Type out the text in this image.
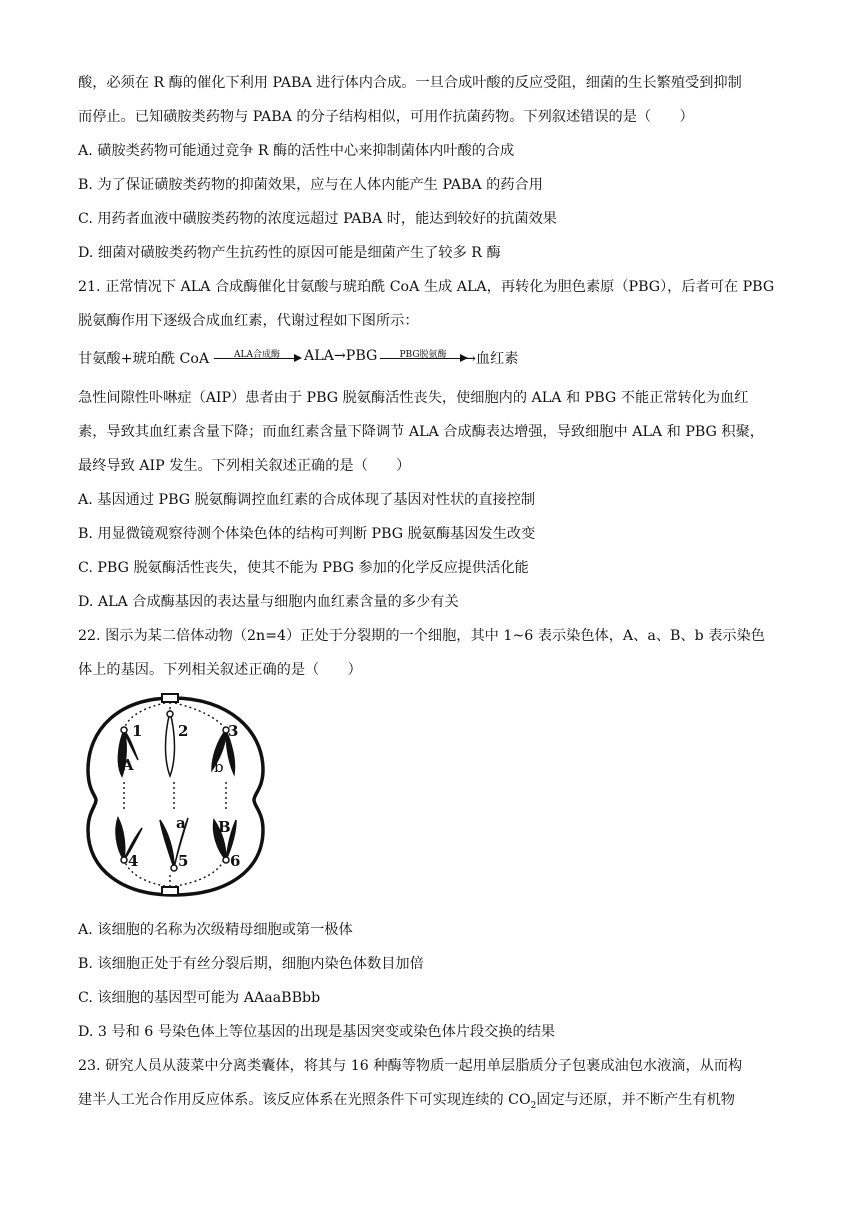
酸，必须在 R 酶的催化下利用 PABA 进行体内合成。一旦合成叶酸的反应受阻，细菌的生长繁殖受到抑制
而停止。已知磺胺类药物与 PABA 的分子结构相似，可用作抗菌药物。下列叙述错误的是（　　）
A. 磺胺类药物可能通过竞争 R 酶的活性中心来抑制菌体内叶酸的合成
B. 为了保证磺胺类药物的抑菌效果，应与在人体内能产生 PABA 的药合用
C. 用药者血液中磺胺类药物的浓度远超过 PABA 时，能达到较好的抗菌效果
D. 细菌对磺胺类药物产生抗药性的原因可能是细菌产生了较多 R 酶
21. 正常情况下 ALA 合成酶催化甘氨酸与琥珀酰 CoA 生成 ALA，再转化为胆色素原（PBG），后者可在 PBG
脱氨酶作用下逐级合成血红素，代谢过程如下图所示：
甘氨酸+琥珀酰 CoA	ALA合成酶	ALA→PBG	PBG脱氨酶	→血红素
急性间隙性卟啉症（AIP）患者由于 PBG 脱氨酶活性丧失，使细胞内的 ALA 和 PBG 不能正常转化为血红
素，导致其血红素含量下降；而血红素含量下降调节 ALA 合成酶表达增强，导致细胞中 ALA 和 PBG 积聚，
最终导致 AIP 发生。下列相关叙述正确的是（　　）
A. 基因通过 PBG 脱氨酶调控血红素的合成体现了基因对性状的直接控制
B. 用显微镜观察待测个体染色体的结构可判断 PBG 脱氨酶基因发生改变
C. PBG 脱氨酶活性丧失，使其不能为 PBG 参加的化学反应提供活化能
D. ALA 合成酶基因的表达量与细胞内血红素含量的多少有关
22. 图示为某二倍体动物（2n=4）正处于分裂期的一个细胞，其中 1~6 表示染色体，A、a、B、b 表示染色
体上的基因。下列相关叙述正确的是（　　）
1 2	3
A	b
a B
4	5	6
A. 该细胞的名称为次级精母细胞或第一极体
B. 该细胞正处于有丝分裂后期，细胞内染色体数目加倍
C. 该细胞的基因型可能为 AAaaBBbb
D. 3 号和 6 号染色体上等位基因的出现是基因突变或染色体片段交换的结果
23. 研究人员从菠菜中分离类囊体，将其与 16 种酶等物质一起用单层脂质分子包裹成油包水液滴，从而构
建半人工光合作用反应体系。该反应体系在光照条件下可实现连续的 $CO_2$固定与还原，并不断产生有机物
